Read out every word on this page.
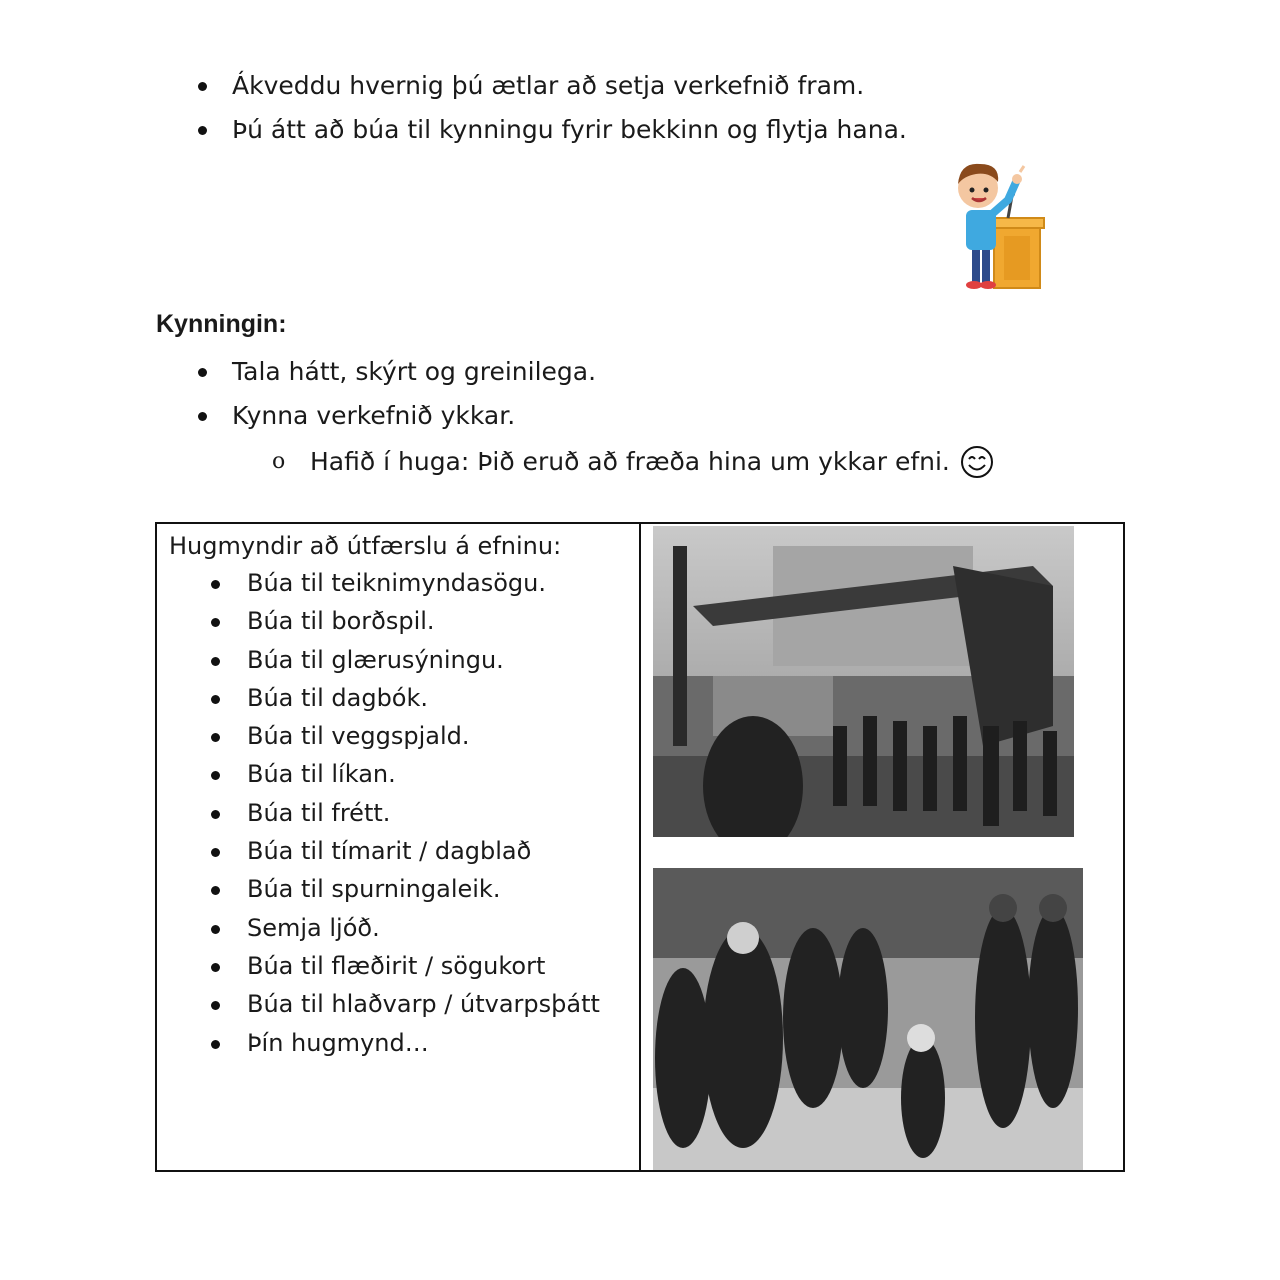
Ákveddu hvernig þú ætlar að setja verkefnið fram.
Þú átt að búa til kynningu fyrir bekkinn og flytja hana.
Kynningin:
Tala hátt, skýrt og greinilega.
Kynna verkefnið ykkar.
o Hafið í huga: Þið eruð að fræða hina um ykkar efni.
Hugmyndir að útfærslu á efninu:
Búa til teiknimyndasögu.
Búa til borðspil.
Búa til glærusýningu.
Búa til dagbók.
Búa til veggspjald.
Búa til líkan.
Búa til frétt.
Búa til tímarit / dagblað
Búa til spurningaleik.
Semja ljóð.
Búa til flæðirit / sögukort
Búa til hlaðvarp / útvarpsþátt
Þín hugmynd…
